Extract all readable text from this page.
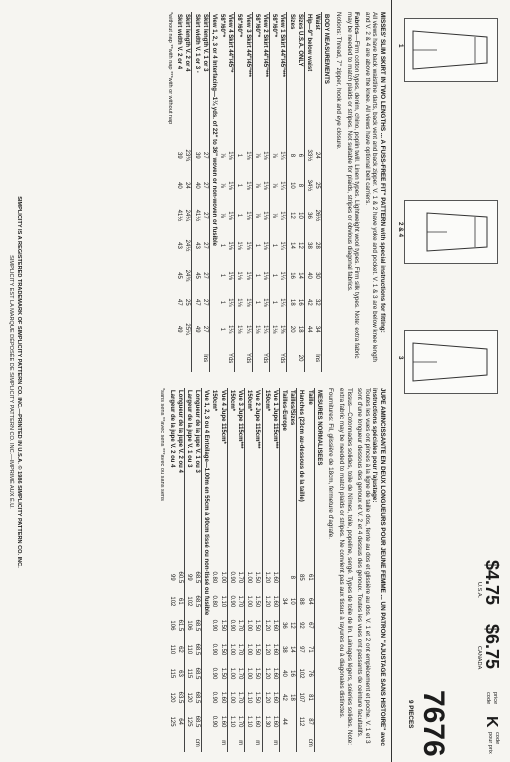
1
2 & 4
3
$4.75
U.S.A.
$6.75
CANADA
price code
K
code pour prix
7676
9 PIECES
MISSES' SLIM SKIRT IN TWO LENGTHS ... A FUSS-FREE FIT" PATTERN with special instructions for fitting:
All views have back waistline darts, back vent and back zipper. V. 1 & 2 have yoke and pocket. V. 1 & 3 are below knee length and V. 2 & 4 are above the knee. All views have optional belt carriers.
Fabrics—Firm cotton types, denim, chino, poplin twill. Linen types. Lightweight wool types. Firm silk types. Note: extra fabric may be needed to match plaids or stripes. Not suitable for plaids, stripes or obvious diagonal fabrics.
Notions: Thread, 7" zipper, hook and eye closure.
BODY MEASUREMENTS								
Waist	24	25	26½	28	30	32	34	Ins
Hip—9" below waist	33½	34½	36	38	40	42	44	
Sizes U.S.A. ONLY	6	8	10	12	14	16	18	20
Sizes	8	10	12	14	16	18	20	
View 1 Skirt 44"/45"***	1¼	1¼	1¼	1¼	1¼	1¼	1⅜	Yds
58"/60"*	⅞	⅞	⅞	1	1	1	1⅛	
View 2 Skirt 44"/45"***	1⅛	1⅛	1⅛	1⅛	1⅛	1⅛	1¼	Yds
58"/60"*	⅞	⅞	⅞	1	1	1	1⅛	
View 3 Skirt 44"/45"***	1⅛	1⅛	1⅛	1⅛	1⅛	1⅛	1¼	Yds
58"/60"*	1	1	1	1⅛	1⅛	1⅛	1⅛	
View 4 Skirt 44"/45"*	1⅛	1⅛	1⅛	1⅛	1⅛	1¼	1¼	Yds
58"/60"*	⅞	⅞	⅞	1	1	1	1	
View 1, 2, 3 or 4 Interfacing—1¼ yds. of 22" to 36" woven or non-woven or fusible								
Skirt length V. 1 or 3	27	27	27	27	27	27	27	Ins
Skirt width V. 1 or 3 -	39	40	41½	43	45	47	49	
Skirt length V. 2 or 4	23¾	24	24¼	24½	24¾	25	25¼	
Skirt width V. 2 or 4	39	40	41½	43	45	47	49	
*without nap **with nap ***with or without nap
JUPE AMINCISSANTE EN DEUX LONGUEURS POUR JEUNE FEMME ... UN PATRON "AJUSTAGE SANS HISTOIRE" avec instructions spéciales pour l'ajustage:
Toutes les vues ont pinces à la ligne de taille dos, fente au dos et glissière au dos. V. 1 et 2 ont empiècement et poche. V. 1 et 3 sont d'une longueur dessous des genoux et V. 2 et 4 dessus des genoux. Toutes les vues ont passants de ceinture facultatifs.
Tissus—Cotonnades solides, toile de Nîmes, toile, popeline, sergé. Types de toile de lin. Lainages légers, soieries solides. Note: extra fabric may be needed to match plaids or stripes. Ne convient pas aux tissus à rayures ou à diagonales distinctes.
Fournitures: Fil, glissière de 18cm, fermeture d'agrafe.
MESURES NORMALISEES								
Taille	61	64	67	71	76	81	87	cm
Hanches (23cm au-dessous de la taille)	85	88	92	97	102	107	112	
Tailles/Sizes	8	10	12	14	16	18		
Tailles-Europe		34	36	38	40	42	44	
Vue 1 Jupe 115cm***	1.60	1.60	1.60	1.60	1.60	1.60	1.60	m
150cm*	1.20	1.20	1.20	1.20	1.20	1.20	1.30	
Vue 2 Jupe 115cm***	1.50	1.50	1.50	1.50	1.50	1.50	1.60	m
150cm*	1.00	1.00	1.00	1.00	1.00	1.10	1.10	
Vue 3 Jupe 115cm***	1.70	1.70	1.70	1.70	1.70	1.70	1.70	m
150cm*	0.90	0.90	0.90	1.00	1.00	1.00	1.10	
Vue 4 Jupe 115cm*	1.00	1.10	1.50	1.50	1.50	1.60	1.60	m
150cm*	0.80	0.80	0.90	0.90	0.90	0.90	0.90	
Vue 1, 2, 3 ou 4 Entoilage—1.00m en 55cm à 90cm tissé ou non-tissé ou fusible								
Longueur de la jupe V. 1 ou 3	68.5	68.5	68.5	68.5	68.5	68.5	68.5	cm
Largeur de la jupe V. 1 ou 3	99	102	106	110	115	120	125	
Longueur de la jupe V. 2 ou 4	60.5	61	61.5	62	63	63.5	64	
Largeur de la jupe V. 2 ou 4	99	102	106	110	115	120	125	
*sans sens **avec sens ***avec ou sans sens
SIMPLICITY IS A REGISTERED TRADEMARK OF SIMPLICITY PATTERN CO. INC.—PRINTED IN U.S.A. © 1986 SIMPLICITY PATTERN CO. INC.
SIMPLICITY EST LA MARQUE DÉPOSÉE DE SIMPLICITY PATTERN CO. INC.—IMPRIMÉ AUX É.U.
